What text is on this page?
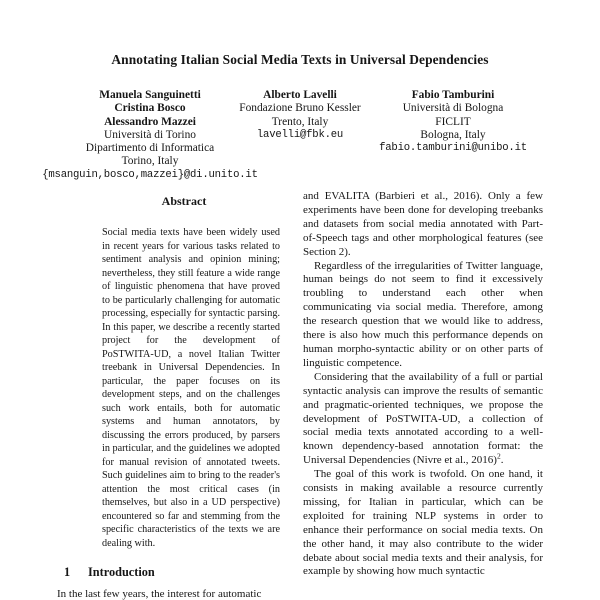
Annotating Italian Social Media Texts in Universal Dependencies
Manuela Sanguinetti
Cristina Bosco
Alessandro Mazzei
Università di Torino
Dipartimento di Informatica
Torino, Italy
{msanguin,bosco,mazzei}@di.unito.it
Alberto Lavelli
Fondazione Bruno Kessler
Trento, Italy
lavelli@fbk.eu
Fabio Tamburini
Università di Bologna
FICLIT
Bologna, Italy
fabio.tamburini@unibo.it
Abstract
Social media texts have been widely used in recent years for various tasks related to sentiment analysis and opinion mining; nevertheless, they still feature a wide range of linguistic phenomena that have proved to be particularly challenging for automatic processing, especially for syntactic parsing. In this paper, we describe a recently started project for the development of PoSTWITA-UD, a novel Italian Twitter treebank in Universal Dependencies. In particular, the paper focuses on its development steps, and on the challenges such work entails, both for automatic systems and human annotators, by discussing the errors produced, by parsers in particular, and the guidelines we adopted for manual revision of annotated tweets. Such guidelines aim to bring to the reader's attention the most critical cases (in themselves, but also in a UD perspective) encountered so far and stemming from the specific characteristics of the texts we are dealing with.
1 Introduction
In the last few years, the interest for automatic

and EVALITA (Barbieri et al., 2016). Only a few experiments have been done for developing treebanks and datasets from social media annotated with Part-of-Speech tags and other morphological features (see Section 2).

Regardless of the irregularities of Twitter language, human beings do not seem to find it excessively troubling to understand each other when communicating via social media. Therefore, among the research question that we would like to address, there is also how much this performance depends on human morpho-syntactic ability or on other parts of linguistic competence.

Considering that the availability of a full or partial syntactic analysis can improve the results of semantic and pragmatic-oriented techniques, we propose the development of PoSTWITA-UD, a collection of social media texts annotated according to a well-known dependency-based annotation format: the Universal Dependencies (Nivre et al., 2016)$^2$.

The goal of this work is twofold. On one hand, it consists in making available a resource currently missing, for Italian in particular, which can be exploited for training NLP systems in order to enhance their performance on social media texts. On the other hand, it may also contribute to the wider debate about social media texts and their analysis, for example by showing how much syntactic
